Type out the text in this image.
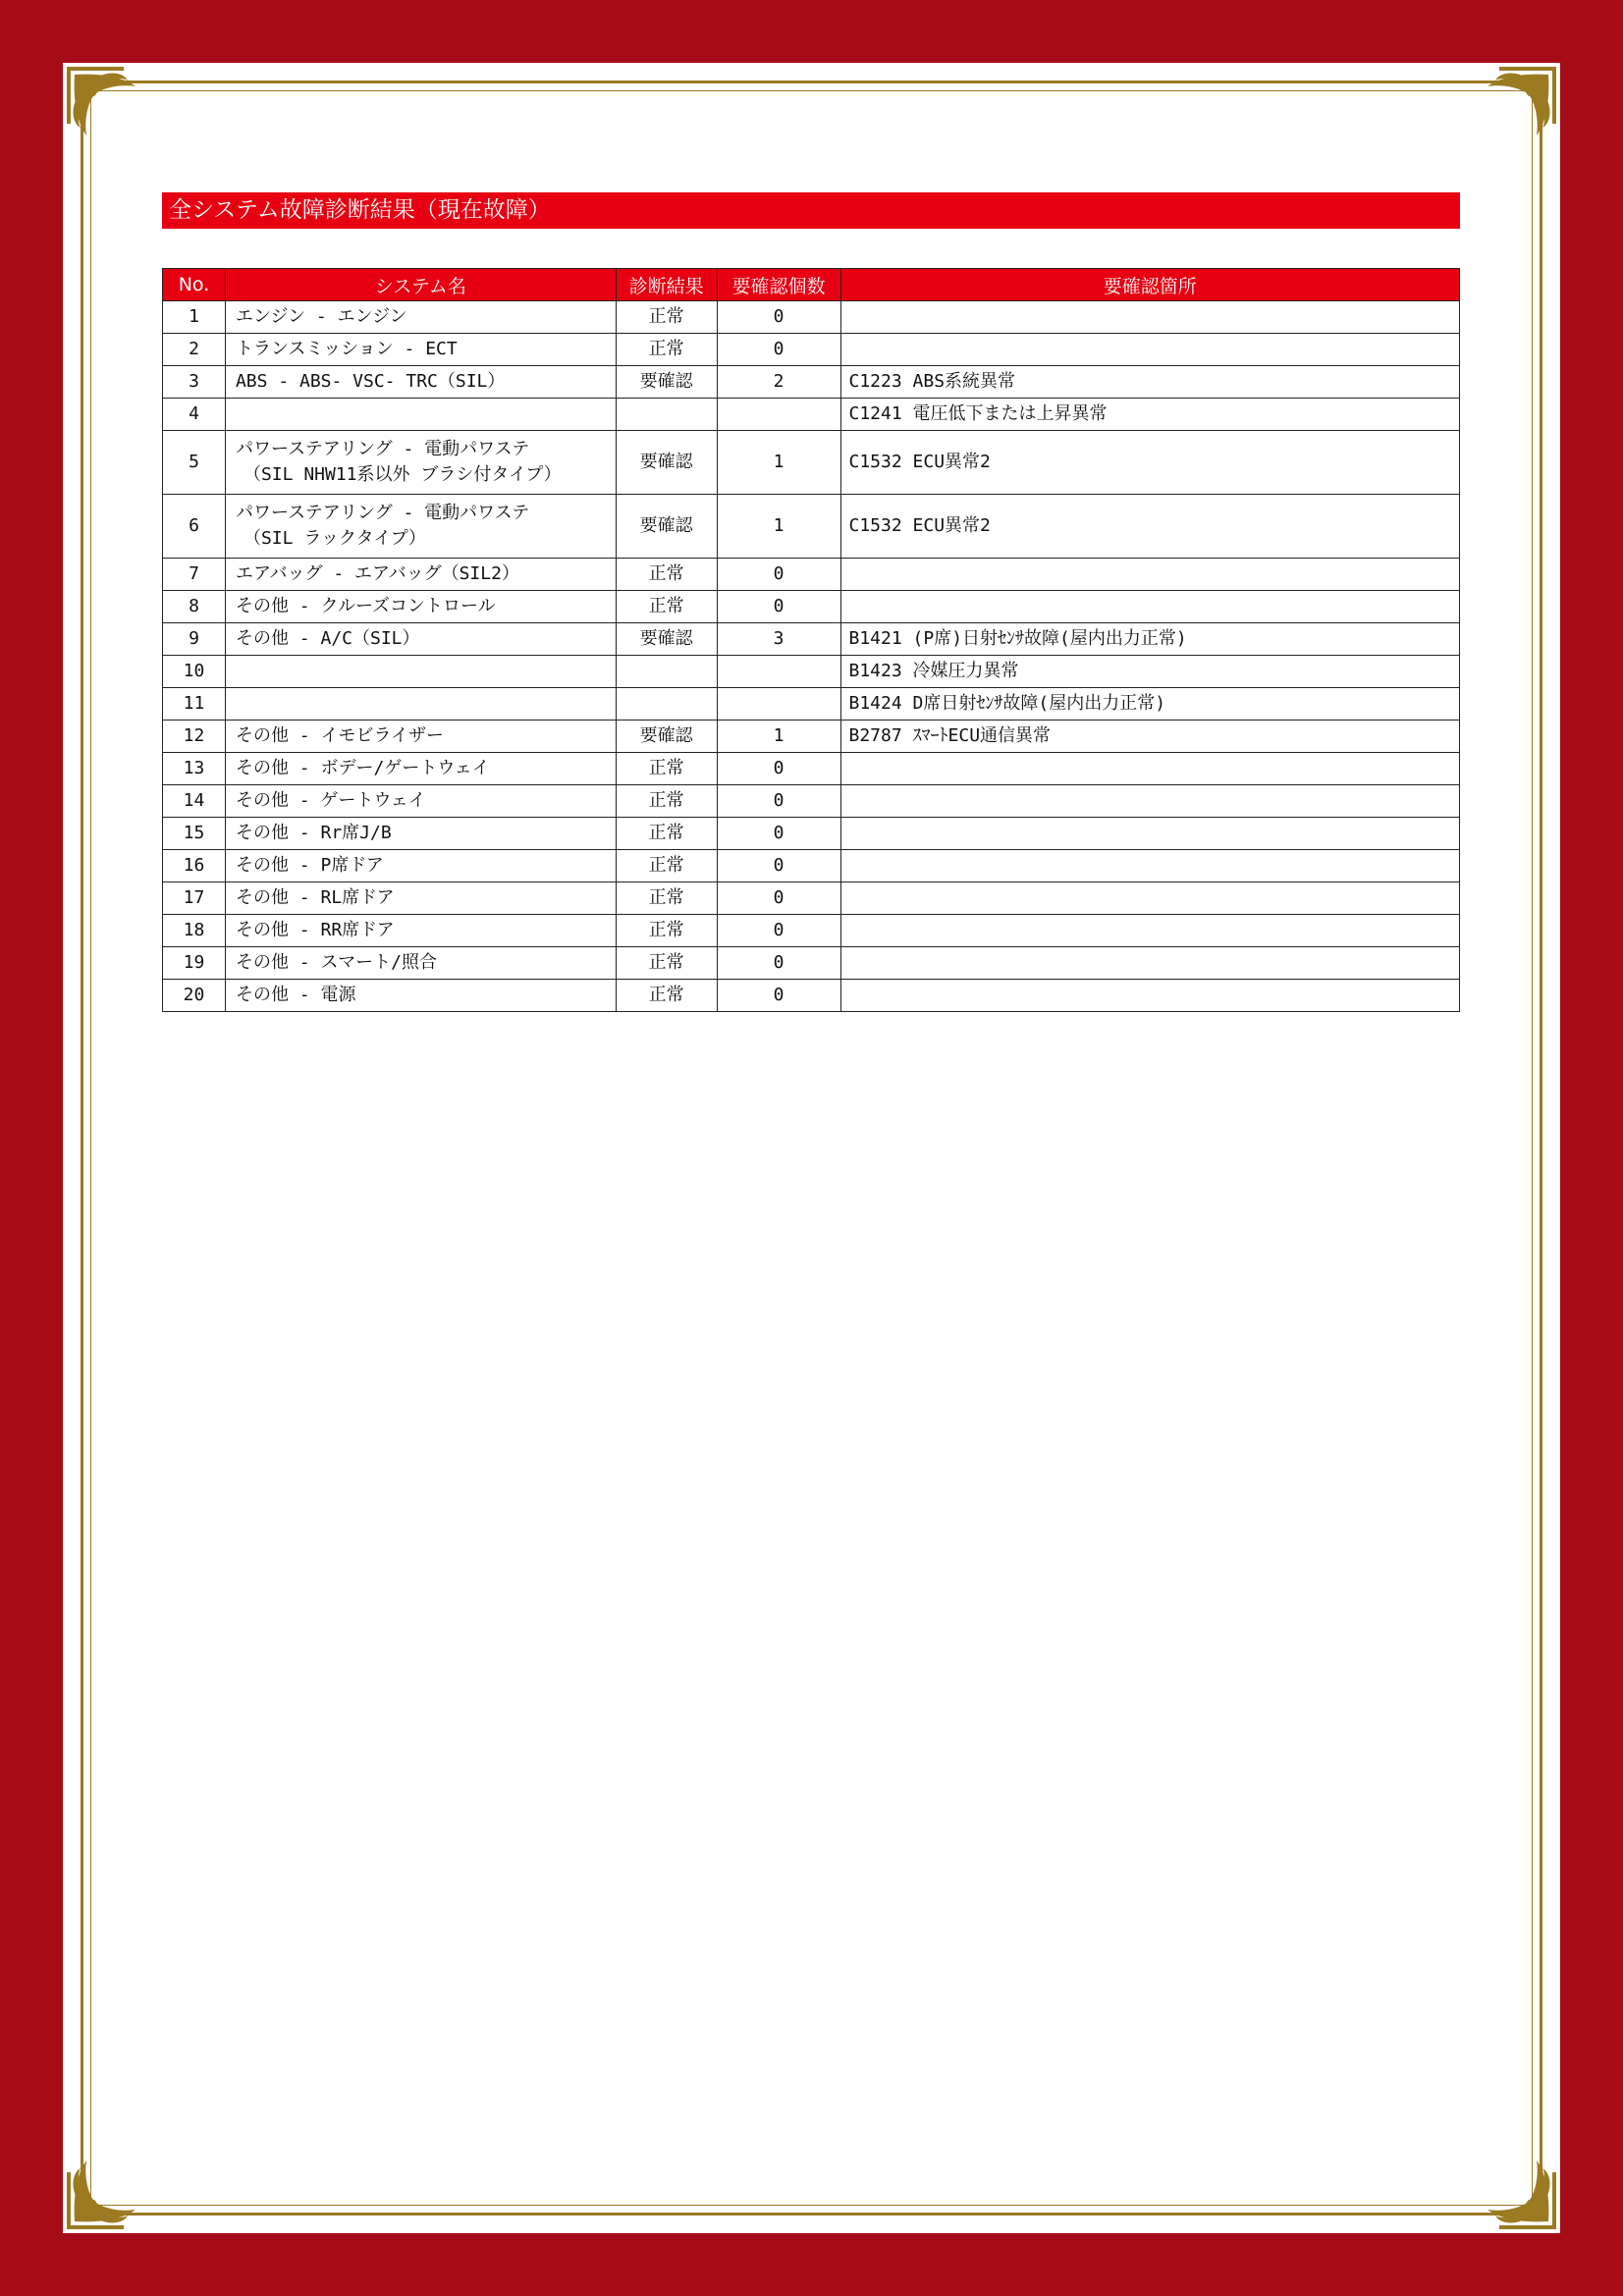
全システム故障診断結果（現在故障）
No.	システム名	診断結果	要確認個数	要確認箇所
1	エンジン - エンジン	正常	0	
2	トランスミッション - ECT	正常	0	
3	ABS - ABS- VSC- TRC（SIL）	要確認	2	C1223 ABS系統異常
4				C1241 電圧低下または上昇異常
5	パワーステアリング - 電動パワステ
（SIL NHW11系以外 ブラシ付タイプ）	要確認	1	C1532 ECU異常2
6	パワーステアリング - 電動パワステ
（SIL ラックタイプ）	要確認	1	C1532 ECU異常2
7	エアバッグ - エアバッグ（SIL2）	正常	0	
8	その他 - クルーズコントロール	正常	0	
9	その他 - A/C（SIL）	要確認	3	B1421 (P席)日射ｾﾝｻ故障(屋内出力正常)
10				B1423 冷媒圧力異常
11				B1424 D席日射ｾﾝｻ故障(屋内出力正常)
12	その他 - イモビライザー	要確認	1	B2787 ｽﾏｰﾄECU通信異常
13	その他 - ボデー/ゲートウェイ	正常	0	
14	その他 - ゲートウェイ	正常	0	
15	その他 - Rr席J/B	正常	0	
16	その他 - P席ドア	正常	0	
17	その他 - RL席ドア	正常	0	
18	その他 - RR席ドア	正常	0	
19	その他 - スマート/照合	正常	0	
20	その他 - 電源	正常	0	
